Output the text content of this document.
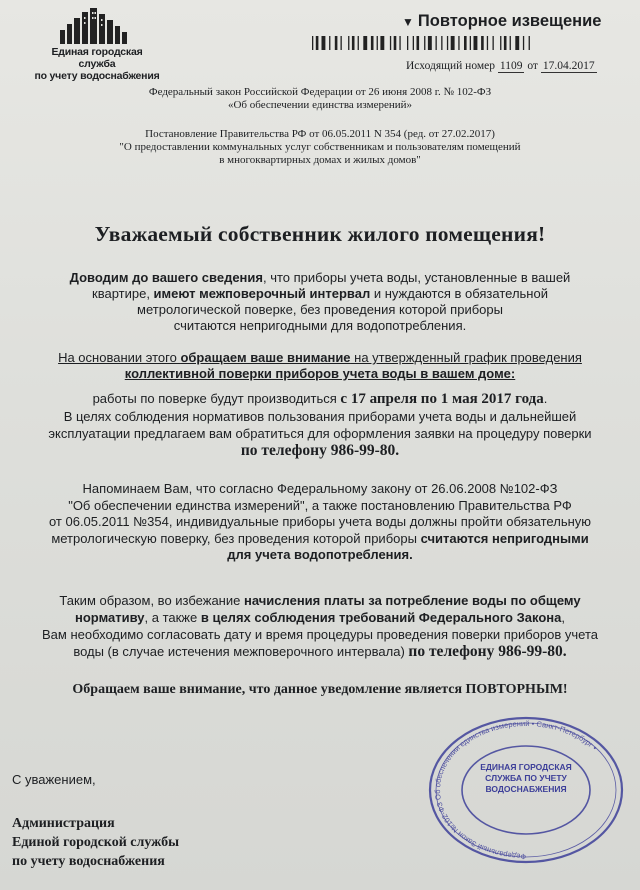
Единая городская служба
по учету водоснабжения
▼ Повторное извещение
Исходящий номер 1109 от 17.04.2017
Федеральный закон Российской Федерации от 26 июня 2008 г. № 102-ФЗ
«Об обеспечении единства измерений»
Постановление Правительства РФ от 06.05.2011 N 354 (ред. от 27.02.2017)
"О предоставлении коммунальных услуг собственникам и пользователям помещений
в многоквартирных домах и жилых домов"
Уважаемый собственник жилого помещения!
Доводим до вашего сведения, что приборы учета воды, установленные в вашей
квартире, имеют межповерочный интервал и нуждаются в обязательной
метрологической поверке, без проведения которой приборы
считаются непригодными для водопотребления.
На основании этого обращаем ваше внимание на утвержденный график проведения
коллективной поверки приборов учета воды в вашем доме:
работы по поверке будут производиться с 17 апреля по 1 мая 2017 года.
В целях соблюдения нормативов пользования приборами учета воды и дальнейшей
эксплуатации предлагаем вам обратиться для оформления заявки на процедуру поверки
по телефону 986-99-80.
Напоминаем Вам, что согласно Федеральному закону от 26.06.2008 №102-ФЗ
"Об обеспечении единства измерений", а также постановлению Правительства РФ
от 06.05.2011 №354, индивидуальные приборы учета воды должны пройти обязательную
метрологическую поверку, без проведения которой приборы считаются непригодными
для учета водопотребления.
Таким образом, во избежание начисления платы за потребление воды по общему
нормативу, а также в целях соблюдения требований Федерального Закона,
Вам необходимо согласовать дату и время процедуры проведения поверки приборов учета
воды (в случае истечения межповерочного интервала) по телефону 986-99-80.
Обращаем ваше внимание, что данное уведомление является ПОВТОРНЫМ!
С уважением,
Администрация
Единой городской службы
по учету водоснабжения	Федеральный Закон №102-ФЗ Об обеспечении единства измерений • Санкт-Петербург •
ЕДИНАЯ ГОРОДСКАЯ
СЛУЖБА ПО УЧЕТУ
ВОДОСНАБЖЕНИЯ
